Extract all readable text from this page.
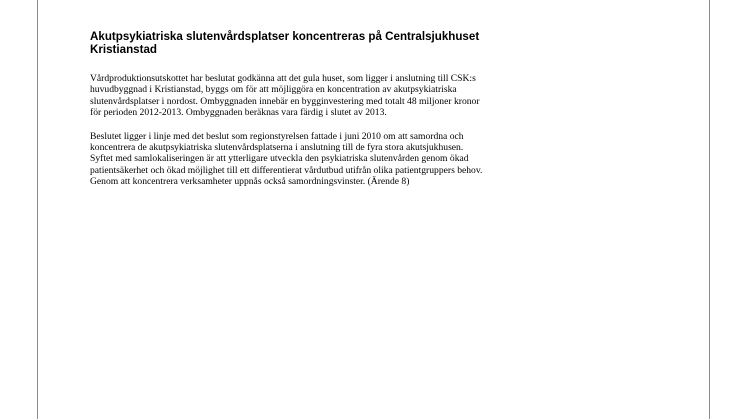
Akutpsykiatriska slutenvårdsplatser koncentreras på Centralsjukhuset
Kristianstad

Vårdproduktionsutskottet har beslutat godkänna att det gula huset, som ligger i anslutning till CSK:s
huvudbyggnad i Kristianstad, byggs om för att möjliggöra en koncentration av akutpsykiatriska
slutenvårdsplatser i nordost. Ombyggnaden innebär en bygginvestering med totalt 48 miljoner kronor
för perioden 2012-2013. Ombyggnaden beräknas vara färdig i slutet av 2013.

Beslutet ligger i linje med det beslut som regionstyrelsen fattade i juni 2010 om att samordna och
koncentrera de akutpsykiatriska slutenvårdsplatserna i anslutning till de fyra stora akutsjukhusen.
Syftet med samlokaliseringen är att ytterligare utveckla den psykiatriska slutenvården genom ökad
patientsäkerhet och ökad möjlighet till ett differentierat vårdutbud utifrån olika patientgruppers behov.
Genom att koncentrera verksamheter uppnås också samordningsvinster. (Ärende 8)
